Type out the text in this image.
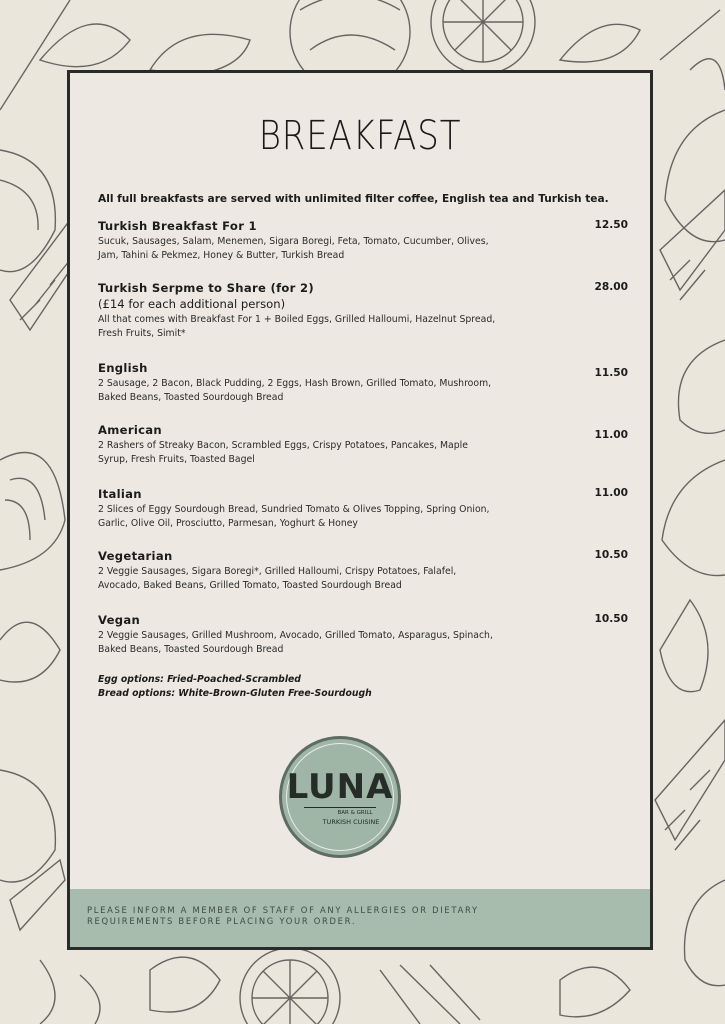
BREAKFAST
All full breakfasts are served with unlimited filter coffee, English tea and Turkish tea.
12.50
Turkish Breakfast For 1
Sucuk, Sausages, Salam, Menemen, Sigara Boregi, Feta, Tomato, Cucumber, Olives, Jam, Tahini & Pekmez, Honey & Butter, Turkish Bread
28.00
Turkish Serpme to Share (for 2)
(£14 for each additional person)
All that comes with Breakfast For 1 + Boiled Eggs, Grilled Halloumi, Hazelnut Spread, Fresh Fruits, Simit*
11.50
English
2 Sausage, 2 Bacon, Black Pudding, 2 Eggs, Hash Brown, Grilled Tomato, Mushroom, Baked Beans, Toasted Sourdough Bread
11.00
American
2 Rashers of Streaky Bacon, Scrambled Eggs, Crispy Potatoes, Pancakes, Maple Syrup, Fresh Fruits, Toasted Bagel
11.00
Italian
2 Slices of Eggy Sourdough Bread, Sundried Tomato & Olives Topping, Spring Onion, Garlic, Olive Oil, Prosciutto, Parmesan, Yoghurt & Honey
10.50
Vegetarian
2 Veggie Sausages, Sigara Boregi*, Grilled Halloumi, Crispy Potatoes, Falafel, Avocado, Baked Beans, Grilled Tomato, Toasted Sourdough Bread
10.50
Vegan
2 Veggie Sausages, Grilled Mushroom, Avocado, Grilled Tomato, Asparagus, Spinach, Baked Beans, Toasted Sourdough Bread
Egg options: Fried-Poached-Scrambled
Bread options: White-Brown-Gluten Free-Sourdough
LUNA
BAR & GRILL
TURKISH CUISINE
PLEASE INFORM A MEMBER OF STAFF OF ANY ALLERGIES OR DIETARY REQUIREMENTS BEFORE PLACING YOUR ORDER.
